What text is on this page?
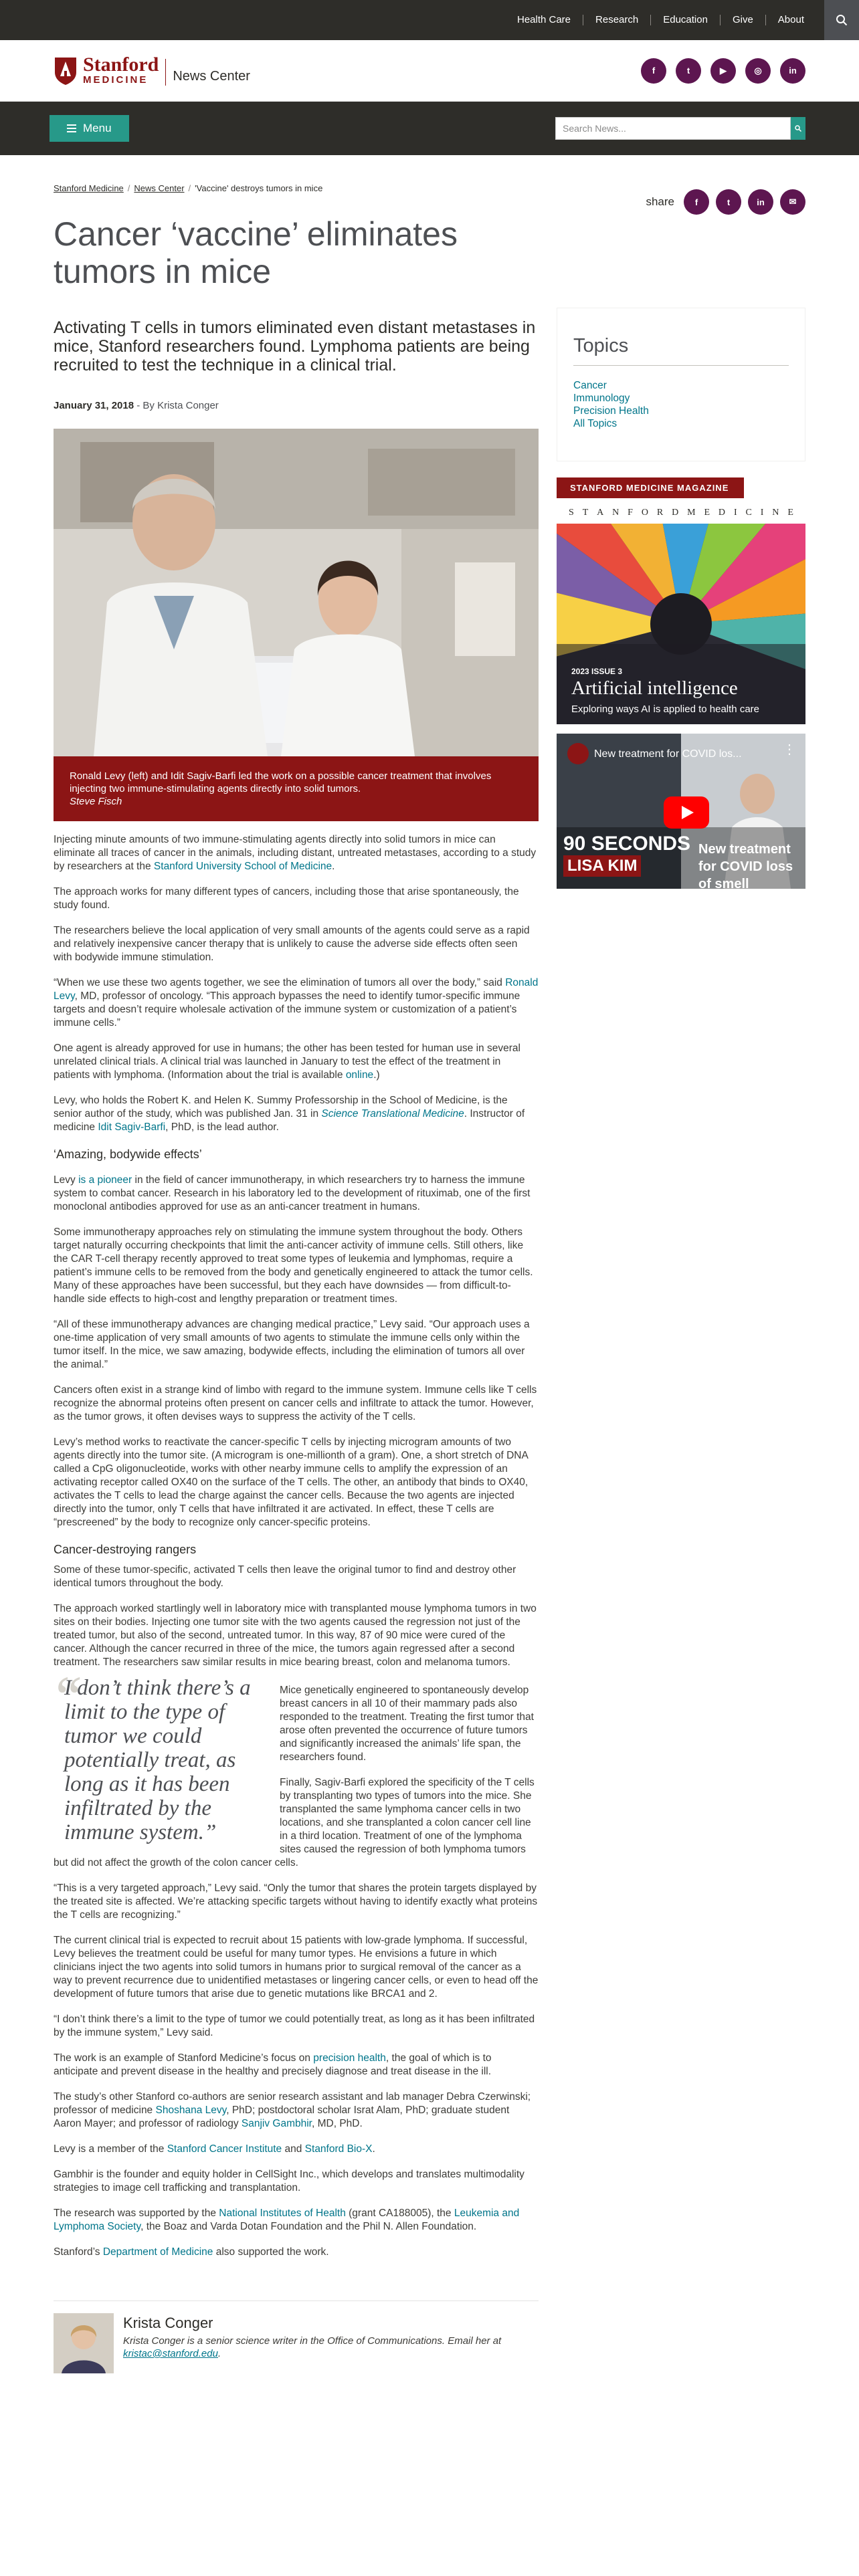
Health Care	Research	Education	Give	About
Stanford
MEDICINE	News Center	f	t	▶	◎	in
Menu	Search News...
Stanford Medicine / News Center / 'Vaccine' destroys tumors in mice
share	f	t	in	✉
Cancer ‘vaccine’ eliminates tumors in mice
Activating T cells in tumors eliminated even distant metastases in mice, Stanford researchers found. Lymphoma patients are being recruited to test the technique in a clinical trial.
January 31, 2018 - By Krista Conger
Ronald Levy (left) and Idit Sagiv-Barfi led the work on a possible cancer treatment that involves injecting two immune-stimulating agents directly into solid tumors.
Steve Fisch

Injecting minute amounts of two immune-stimulating agents directly into solid tumors in mice can eliminate all traces of cancer in the animals, including distant, untreated metastases, according to a study by researchers at the Stanford University School of Medicine.

The approach works for many different types of cancers, including those that arise spontaneously, the study found.

The researchers believe the local application of very small amounts of the agents could serve as a rapid and relatively inexpensive cancer therapy that is unlikely to cause the adverse side effects often seen with bodywide immune stimulation.

“When we use these two agents together, we see the elimination of tumors all over the body,” said Ronald Levy, MD, professor of oncology. “This approach bypasses the need to identify tumor-specific immune targets and doesn’t require wholesale activation of the immune system or customization of a patient’s immune cells.”

One agent is already approved for use in humans; the other has been tested for human use in several unrelated clinical trials. A clinical trial was launched in January to test the effect of the treatment in patients with lymphoma. (Information about the trial is available online.)

Levy, who holds the Robert K. and Helen K. Summy Professorship in the School of Medicine, is the senior author of the study, which was published Jan. 31 in Science Translational Medicine. Instructor of medicine Idit Sagiv-Barfi, PhD, is the lead author.

‘Amazing, bodywide effects’

Levy is a pioneer in the field of cancer immunotherapy, in which researchers try to harness the immune system to combat cancer. Research in his laboratory led to the development of rituximab, one of the first monoclonal antibodies approved for use as an anti-cancer treatment in humans.

Some immunotherapy approaches rely on stimulating the immune system throughout the body. Others target naturally occurring checkpoints that limit the anti-cancer activity of immune cells. Still others, like the CAR T-cell therapy recently approved to treat some types of leukemia and lymphomas, require a patient’s immune cells to be removed from the body and genetically engineered to attack the tumor cells. Many of these approaches have been successful, but they each have downsides — from difficult-to-handle side effects to high-cost and lengthy preparation or treatment times.

“All of these immunotherapy advances are changing medical practice,” Levy said. “Our approach uses a one-time application of very small amounts of two agents to stimulate the immune cells only within the tumor itself. In the mice, we saw amazing, bodywide effects, including the elimination of tumors all over the animal.”

Cancers often exist in a strange kind of limbo with regard to the immune system. Immune cells like T cells recognize the abnormal proteins often present on cancer cells and infiltrate to attack the tumor. However, as the tumor grows, it often devises ways to suppress the activity of the T cells.

Levy’s method works to reactivate the cancer-specific T cells by injecting microgram amounts of two agents directly into the tumor site. (A microgram is one-millionth of a gram). One, a short stretch of DNA called a CpG oligonucleotide, works with other nearby immune cells to amplify the expression of an activating receptor called OX40 on the surface of the T cells. The other, an antibody that binds to OX40, activates the T cells to lead the charge against the cancer cells. Because the two agents are injected directly into the tumor, only T cells that have infiltrated it are activated. In effect, these T cells are “prescreened” by the body to recognize only cancer-specific proteins.

Cancer-destroying rangers

Some of these tumor-specific, activated T cells then leave the original tumor to find and destroy other identical tumors throughout the body.

The approach worked startlingly well in laboratory mice with transplanted mouse lymphoma tumors in two sites on their bodies. Injecting one tumor site with the two agents caused the regression not just of the treated tumor, but also of the second, untreated tumor. In this way, 87 of 90 mice were cured of the cancer. Although the cancer recurred in three of the mice, the tumors again regressed after a second treatment. The researchers saw similar results in mice bearing breast, colon and melanoma tumors.

“
I don’t think there’s a limit to the type of tumor we could potentially treat, as long as it has been infiltrated by the immune system.”

Mice genetically engineered to spontaneously develop breast cancers in all 10 of their mammary pads also responded to the treatment. Treating the first tumor that arose often prevented the occurrence of future tumors and significantly increased the animals’ life span, the researchers found.

Finally, Sagiv-Barfi explored the specificity of the T cells by transplanting two types of tumors into the mice. She transplanted the same lymphoma cancer cells in two locations, and she transplanted a colon cancer cell line in a third location. Treatment of one of the lymphoma sites caused the regression of both lymphoma tumors but did not affect the growth of the colon cancer cells.

“This is a very targeted approach,” Levy said. “Only the tumor that shares the protein targets displayed by the treated site is affected. We’re attacking specific targets without having to identify exactly what proteins the T cells are recognizing.”

The current clinical trial is expected to recruit about 15 patients with low-grade lymphoma. If successful, Levy believes the treatment could be useful for many tumor types. He envisions a future in which clinicians inject the two agents into solid tumors in humans prior to surgical removal of the cancer as a way to prevent recurrence due to unidentified metastases or lingering cancer cells, or even to head off the development of future tumors that arise due to genetic mutations like BRCA1 and 2.

“I don’t think there’s a limit to the type of tumor we could potentially treat, as long as it has been infiltrated by the immune system,” Levy said.

The work is an example of Stanford Medicine’s focus on precision health, the goal of which is to anticipate and prevent disease in the healthy and precisely diagnose and treat disease in the ill.

The study’s other Stanford co-authors are senior research assistant and lab manager Debra Czerwinski; professor of medicine Shoshana Levy, PhD; postdoctoral scholar Israt Alam, PhD; graduate student Aaron Mayer; and professor of radiology Sanjiv Gambhir, MD, PhD.

Levy is a member of the Stanford Cancer Institute and Stanford Bio-X.

Gambhir is the founder and equity holder in CellSight Inc., which develops and translates multimodality strategies to image cell trafficking and transplantation.

The research was supported by the National Institutes of Health (grant CA188005), the Leukemia and Lymphoma Society, the Boaz and Varda Dotan Foundation and the Phil N. Allen Foundation.

Stanford’s Department of Medicine also supported the work.

Krista Conger
Krista Conger is a senior science writer in the Office of Communications. Email her at kristac@stanford.edu.
Topics
Cancer
Immunology
Precision Health
All Topics
STANFORD MEDICINE MAGAZINE
S T A N F O R D M E D I C I N E
2023 ISSUE 3
Artificial intelligence
Exploring ways AI is applied to health care
New treatment for COVID los...	⋮
90 SECONDS
LISA KIM
New treatment for COVID loss of smell
